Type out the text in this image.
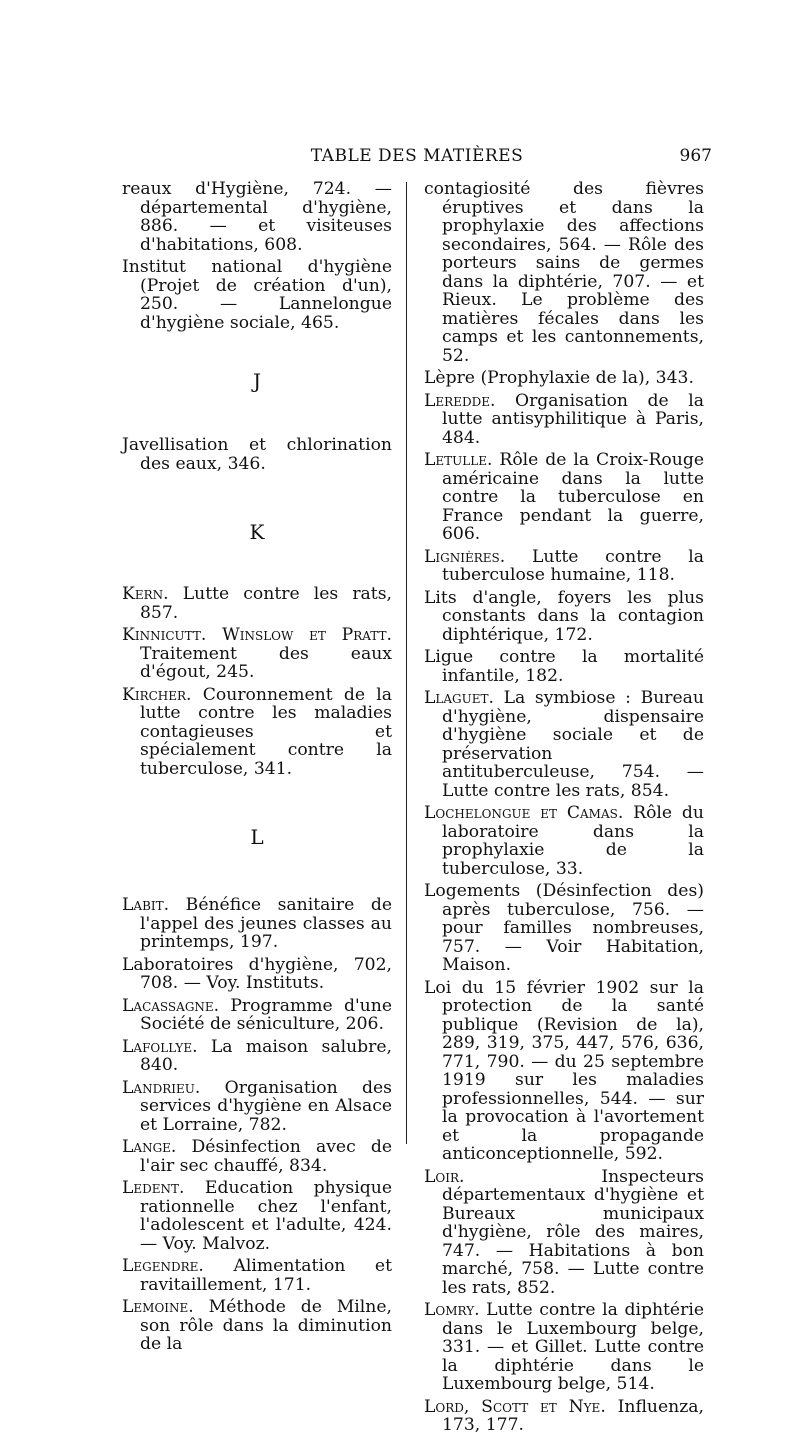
TABLE DES MATIÈRES	967

reaux d'Hygiène, 724. — départemental d'hygiène, 886. — et visiteuses d'habitations, 608.

Institut national d'hygiène (Projet de création d'un), 250. — Lannelongue d'hygiène sociale, 465.

J

Javellisation et chlorination des eaux, 346.

K

Kern. Lutte contre les rats, 857.

Kinnicutt. Winslow et Pratt. Traitement des eaux d'égout, 245.

Kircher. Couronnement de la lutte contre les maladies contagieuses et spécialement contre la tuberculose, 341.

L

Labit. Bénéfice sanitaire de l'appel des jeunes classes au printemps, 197.

Laboratoires d'hygiène, 702, 708. — Voy. Instituts.

Lacassagne. Programme d'une Société de séniculture, 206.

Lafollye. La maison salubre, 840.

Landrieu. Organisation des services d'hygiène en Alsace et Lorraine, 782.

Lange. Désinfection avec de l'air sec chauffé, 834.

Ledent. Education physique rationnelle chez l'enfant, l'adolescent et l'adulte, 424. — Voy. Malvoz.

Legendre. Alimentation et ravitaillement, 171.

Lemoine. Méthode de Milne, son rôle dans la diminution de la

contagiosité des fièvres éruptives et dans la prophylaxie des affections secondaires, 564. — Rôle des porteurs sains de germes dans la diphtérie, 707. — et Rieux. Le problème des matières fécales dans les camps et les cantonnements, 52.

Lèpre (Prophylaxie de la), 343.

Leredde. Organisation de la lutte antisyphilitique à Paris, 484.

Letulle. Rôle de la Croix-Rouge américaine dans la lutte contre la tuberculose en France pendant la guerre, 606.

Lignières. Lutte contre la tuberculose humaine, 118.

Lits d'angle, foyers les plus constants dans la contagion diphtérique, 172.

Ligue contre la mortalité infantile, 182.

Llaguet. La symbiose : Bureau d'hygiène, dispensaire d'hygiène sociale et de préservation antituberculeuse, 754. — Lutte contre les rats, 854.

Lochelongue et Camas. Rôle du laboratoire dans la prophylaxie de la tuberculose, 33.

Logements (Désinfection des) après tuberculose, 756. — pour familles nombreuses, 757. — Voir Habitation, Maison.

Loi du 15 février 1902 sur la protection de la santé publique (Revision de la), 289, 319, 375, 447, 576, 636, 771, 790. — du 25 septembre 1919 sur les maladies professionnelles, 544. — sur la provocation à l'avortement et la propagande anticonceptionnelle, 592.

Loir. Inspecteurs départementaux d'hygiène et Bureaux municipaux d'hygiène, rôle des maires, 747. — Habitations à bon marché, 758. — Lutte contre les rats, 852.

Lomry. Lutte contre la diphtérie dans le Luxembourg belge, 331. — et Gillet. Lutte contre la diphtérie dans le Luxembourg belge, 514.

Lord, Scott et Nye. Influenza, 173, 177.
